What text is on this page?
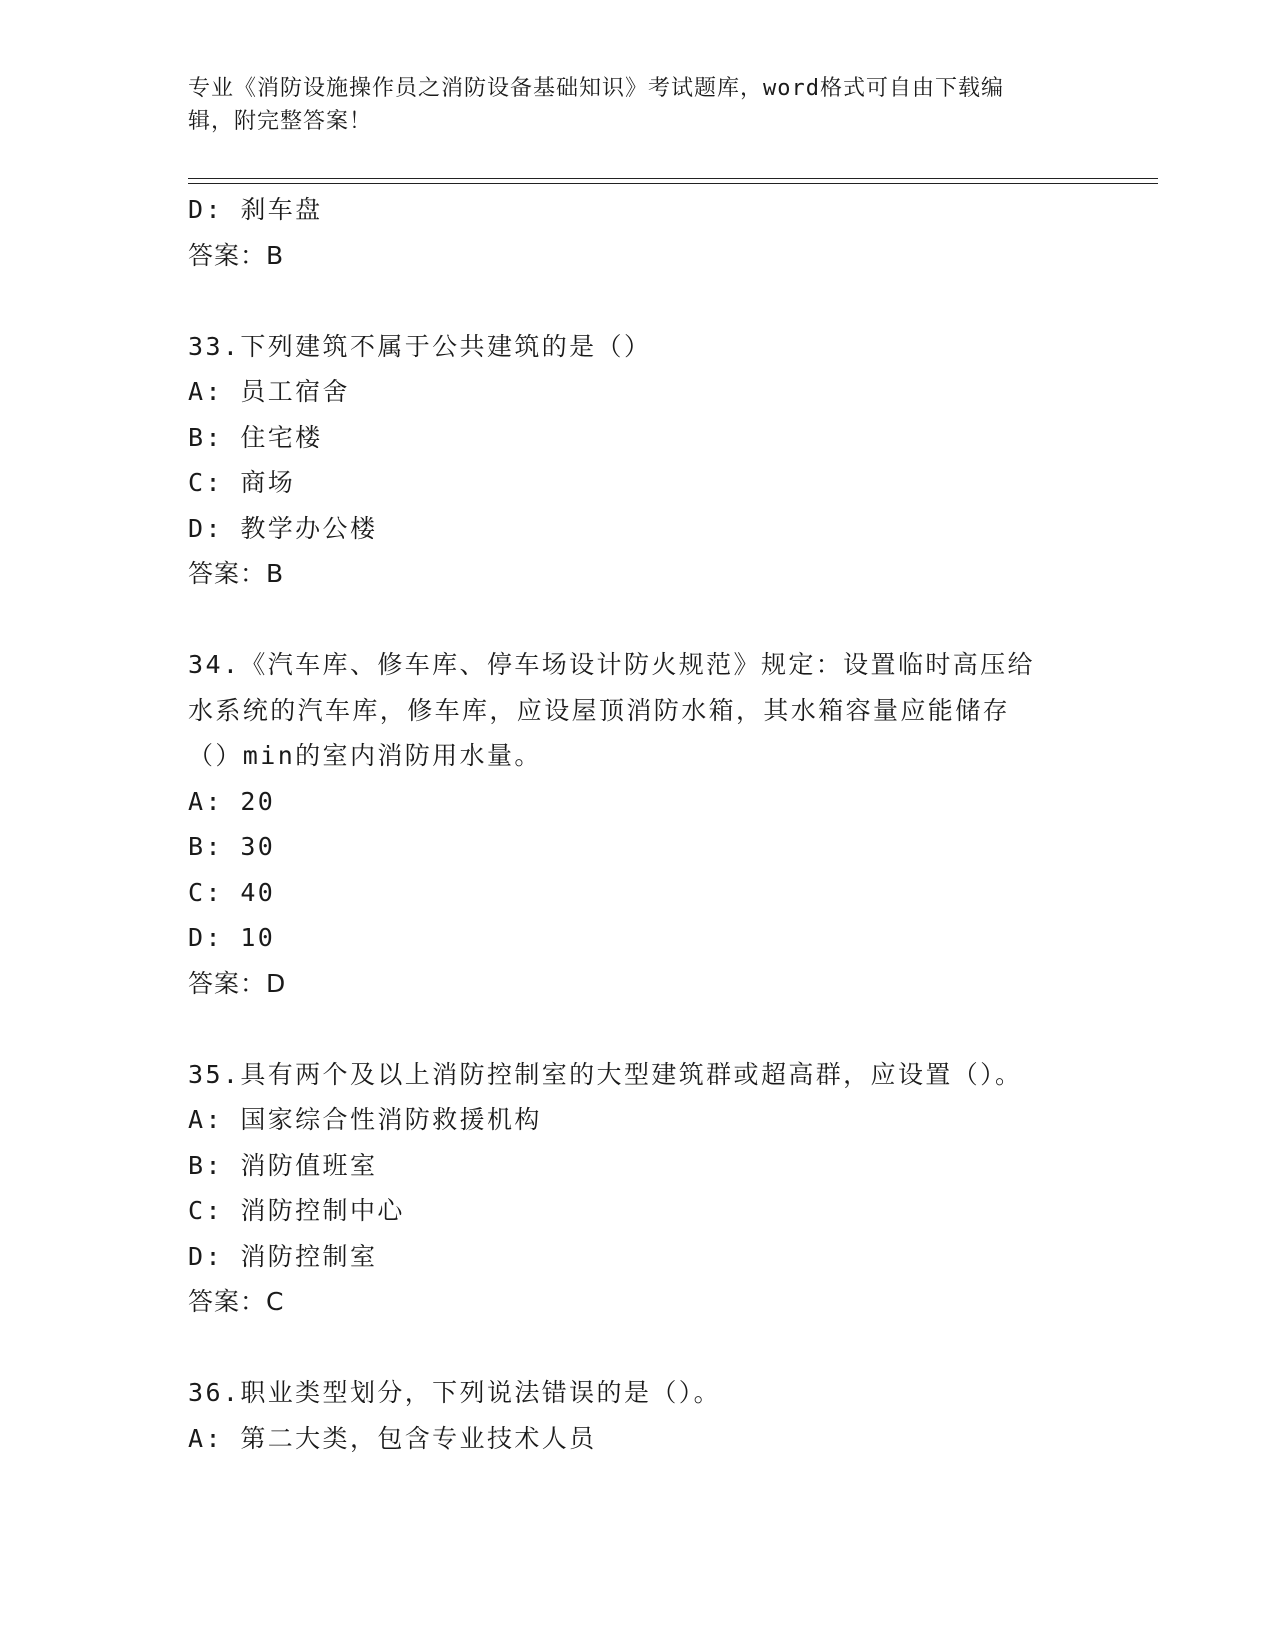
专业《消防设施操作员之消防设备基础知识》考试题库，word格式可自由下载编
辑，附完整答案！
D: 刹车盘
答案：B
33.下列建筑不属于公共建筑的是（）
A: 员工宿舍
B: 住宅楼
C: 商场
D: 教学办公楼
答案：B
34.《汽车库、修车库、停车场设计防火规范》规定：设置临时高压给
水系统的汽车库，修车库，应设屋顶消防水箱，其水箱容量应能储存
（）min的室内消防用水量。
A: 20
B: 30
C: 40
D: 10
答案：D
35.具有两个及以上消防控制室的大型建筑群或超高群，应设置（）。
A: 国家综合性消防救援机构
B: 消防值班室
C: 消防控制中心
D: 消防控制室
答案：C
36.职业类型划分，下列说法错误的是（）。
A: 第二大类，包含专业技术人员
